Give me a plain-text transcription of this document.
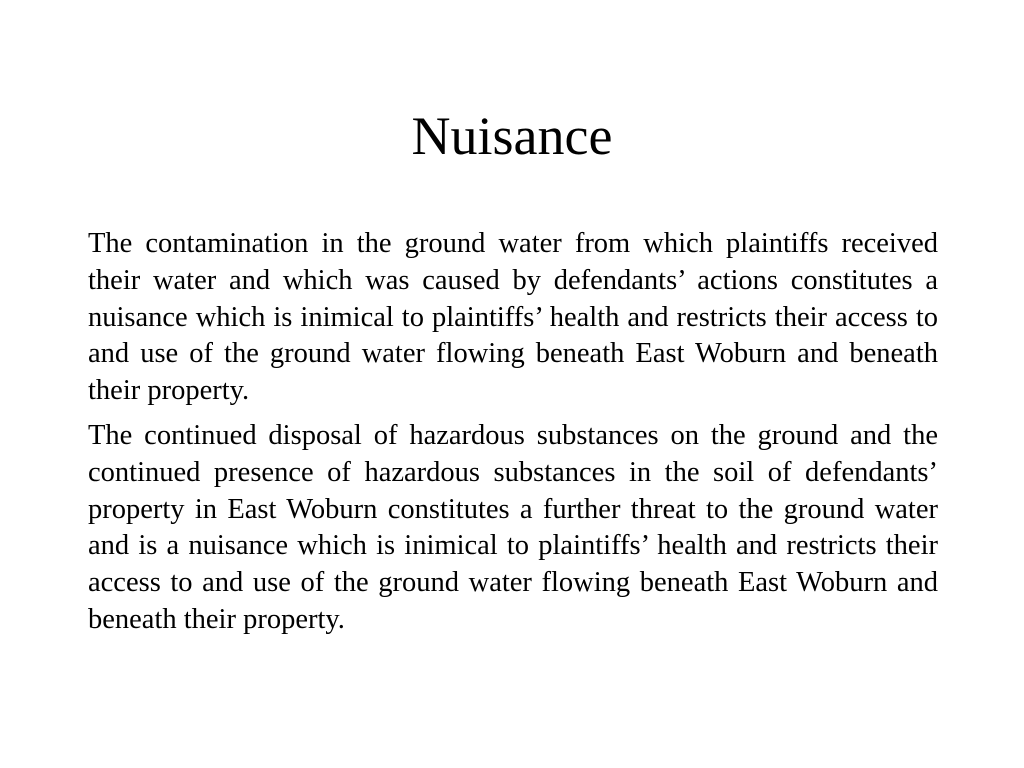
Nuisance

The contamination in the ground water from which plaintiffs received their water and which was caused by defendants’ actions constitutes a nuisance which is inimical to plaintiffs’ health and restricts their access to and use of the ground water flowing beneath East Woburn and beneath their property.

The continued disposal of hazardous substances on the ground and the continued presence of hazardous substances in the soil of defendants’ property in East Woburn constitutes a further threat to the ground water and is a nuisance which is inimical to plaintiffs’ health and restricts their access to and use of the ground water flowing beneath East Woburn and beneath their property.
